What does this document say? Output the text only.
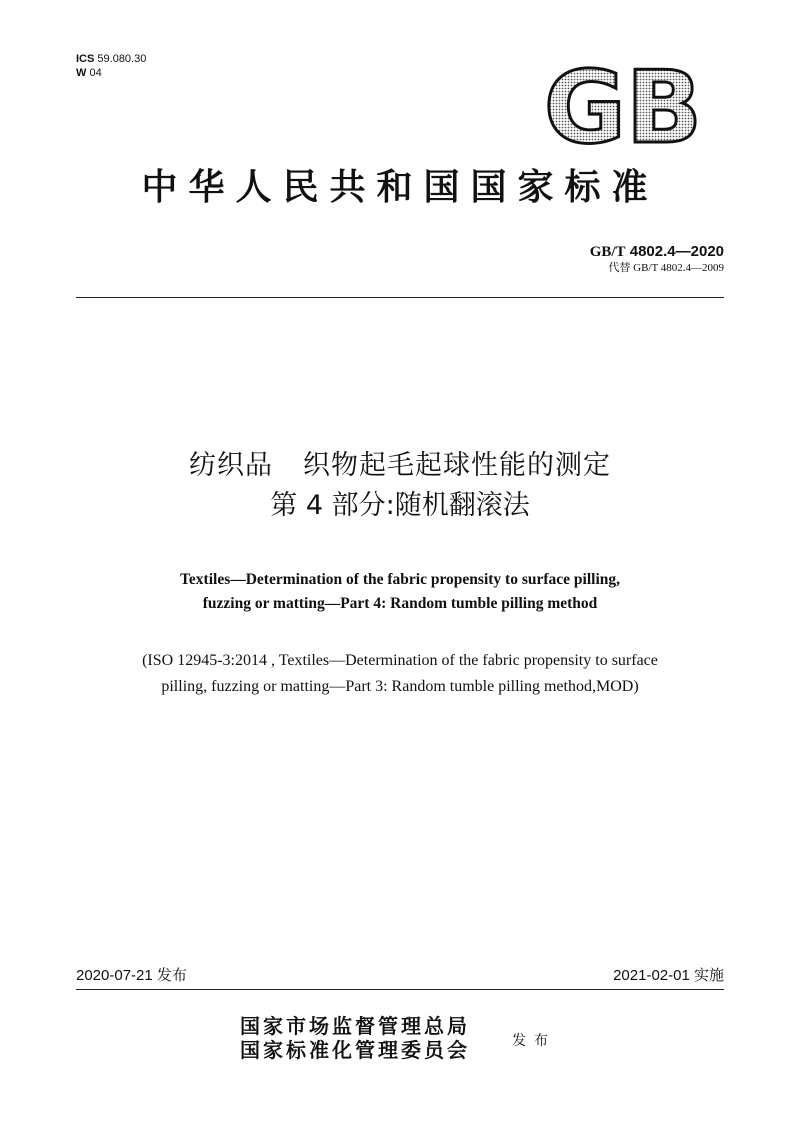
ICS 59.080.30
W 04	GB
中华人民共和国国家标准
GB/T 4802.4—2020
代替 GB/T 4802.4—2009
纺织品 织物起毛起球性能的测定
第 4 部分:随机翻滚法
Textiles—Determination of the fabric propensity to surface pilling,
fuzzing or matting—Part 4: Random tumble pilling method
(ISO 12945-3:2014 , Textiles—Determination of the fabric propensity to surface
pilling, fuzzing or matting—Part 3: Random tumble pilling method,MOD)
2020-07-21 发布	2021-02-01 实施
国家市场监督管理总局
国家标准化管理委员会	发布
